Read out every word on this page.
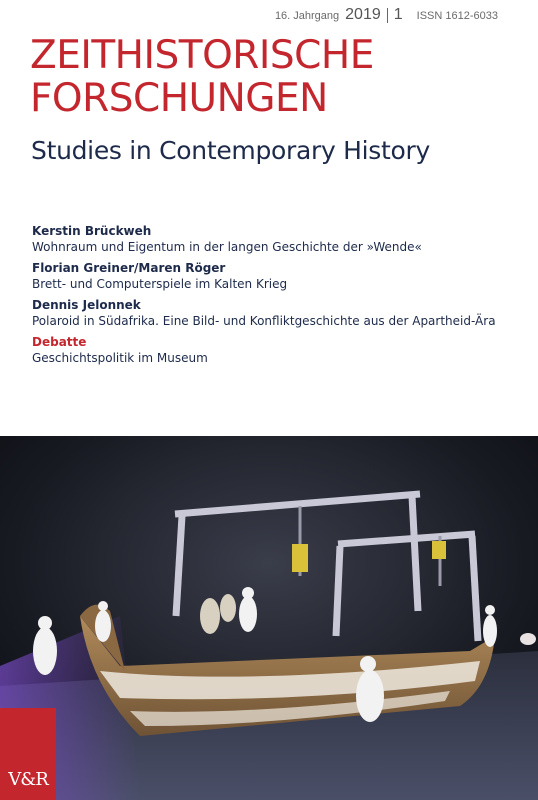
16. Jahrgang 2019 1 ISSN 1612-6033
ZEITHISTORISCHE
FORSCHUNGEN
Studies in Contemporary History
Kerstin Brückweh
Wohnraum und Eigentum in der langen Geschichte der »Wende«
Florian Greiner/Maren Röger
Brett- und Computerspiele im Kalten Krieg
Dennis Jelonnek
Polaroid in Südafrika. Eine Bild- und Konfliktgeschichte aus der Apartheid-Ära
Debatte
Geschichtspolitik im Museum
V&R
